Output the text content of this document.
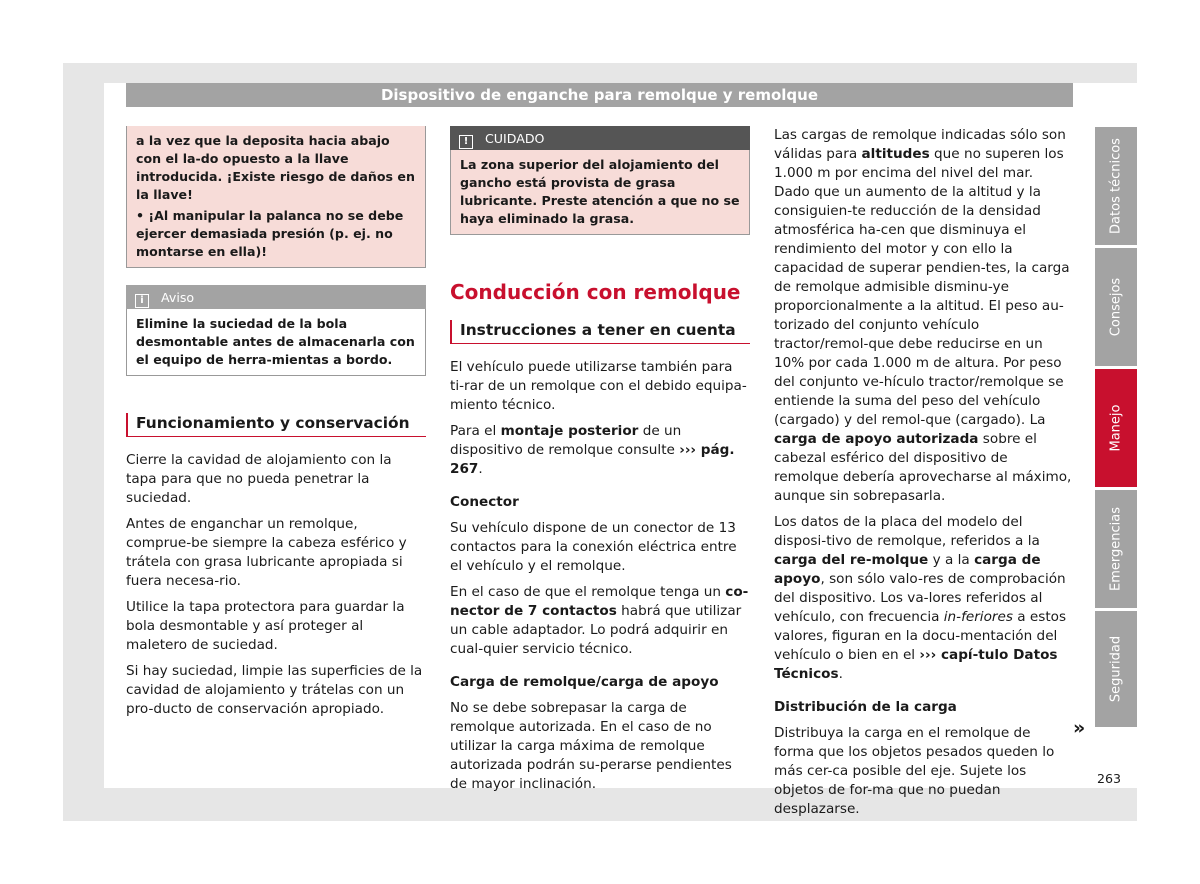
Dispositivo de enganche para remolque y remolque

a la vez que la deposita hacia abajo con el la-do opuesto a la llave introducida. ¡Existe riesgo de daños en la llave!

• ¡Al manipular la palanca no se debe ejercer demasiada presión (p. ej. no montarse en ella)!

i Aviso
Elimine la suciedad de la bola desmontable antes de almacenarla con el equipo de herra-mientas a bordo.
Funcionamiento y conservación

Cierre la cavidad de alojamiento con la tapa para que no pueda penetrar la suciedad.

Antes de enganchar un remolque, comprue-be siempre la cabeza esférico y trátela con grasa lubricante apropiada si fuera necesa-rio.

Utilice la tapa protectora para guardar la bola desmontable y así proteger al maletero de suciedad.

Si hay suciedad, limpie las superficies de la cavidad de alojamiento y trátelas con un pro-ducto de conservación apropiado.

! CUIDADO
La zona superior del alojamiento del gancho está provista de grasa lubricante. Preste atención a que no se haya eliminado la grasa.
Conducción con remolque
Instrucciones a tener en cuenta

El vehículo puede utilizarse también para ti-rar de un remolque con el debido equipa-miento técnico.

Para el montaje posterior de un dispositivo de remolque consulte ››› pág. 267.

Conector

Su vehículo dispone de un conector de 13 contactos para la conexión eléctrica entre el vehículo y el remolque.

En el caso de que el remolque tenga un co-nector de 7 contactos habrá que utilizar un cable adaptador. Lo podrá adquirir en cual-quier servicio técnico.

Carga de remolque/carga de apoyo

No se debe sobrepasar la carga de remolque autorizada. En el caso de no utilizar la carga máxima de remolque autorizada podrán su-perarse pendientes de mayor inclinación.

Las cargas de remolque indicadas sólo son válidas para altitudes que no superen los 1.000 m por encima del nivel del mar. Dado que un aumento de la altitud y la consiguien-te reducción de la densidad atmosférica ha-cen que disminuya el rendimiento del motor y con ello la capacidad de superar pendien-tes, la carga de remolque admisible disminu-ye proporcionalmente a la altitud. El peso au-torizado del conjunto vehículo tractor/remol-que debe reducirse en un 10% por cada 1.000 m de altura. Por peso del conjunto ve-hículo tractor/remolque se entiende la suma del peso del vehículo (cargado) y del remol-que (cargado). La carga de apoyo autorizada sobre el cabezal esférico del dispositivo de remolque debería aprovecharse al máximo, aunque sin sobrepasarla.

Los datos de la placa del modelo del disposi-tivo de remolque, referidos a la carga del re-molque y a la carga de apoyo, son sólo valo-res de comprobación del dispositivo. Los va-lores referidos al vehículo, con frecuencia in-feriores a estos valores, figuran en la docu-mentación del vehículo o bien en el ››› capí-tulo Datos Técnicos.

Distribución de la carga

Distribuya la carga en el remolque de forma que los objetos pesados queden lo más cer-ca posible del eje. Sujete los objetos de for-ma que no puedan desplazarse.

Datos técnicos
Consejos
Manejo
Emergencias
Seguridad
»
263
